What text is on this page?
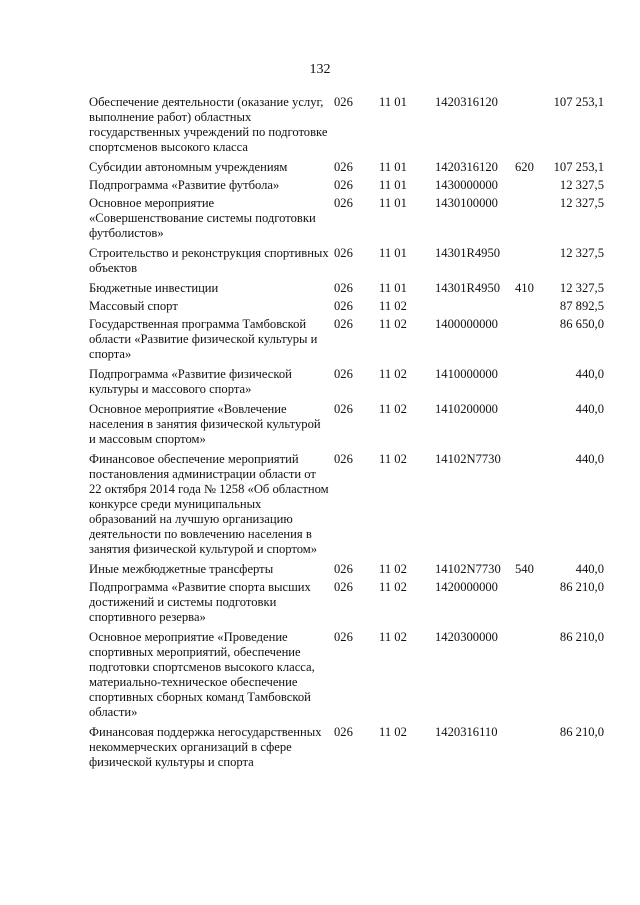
132
Обеспечение деятельности (оказание услуг, выполнение работ) областных государственных учреждений по подготовке спортсменов высокого класса	026	11 01	1420316120		107 253,1
Субсидии автономным учреждениям	026	11 01	1420316120	620	107 253,1
Подпрограмма «Развитие футбола»	026	11 01	1430000000		12 327,5
Основное мероприятие «Совершенствование системы подготовки футболистов»	026	11 01	1430100000		12 327,5
Строительство и реконструкция спортивных объектов	026	11 01	14301R4950		12 327,5
Бюджетные инвестиции	026	11 01	14301R4950	410	12 327,5
Массовый спорт	026	11 02			87 892,5
Государственная программа Тамбовской области «Развитие физической культуры и спорта»	026	11 02	1400000000		86 650,0
Подпрограмма «Развитие физической культуры и массового спорта»	026	11 02	1410000000		440,0
Основное мероприятие «Вовлечение населения в занятия физической культурой и массовым спортом»	026	11 02	1410200000		440,0
Финансовое обеспечение мероприятий постановления администрации области от 22 октября 2014 года № 1258 «Об областном конкурсе среди муниципальных образований на лучшую организацию деятельности по вовлечению населения в занятия физической культурой и спортом»	026	11 02	14102N7730		440,0
Иные межбюджетные трансферты	026	11 02	14102N7730	540	440,0
Подпрограмма «Развитие спорта высших достижений и системы подготовки спортивного резерва»	026	11 02	1420000000		86 210,0
Основное мероприятие «Проведение спортивных мероприятий, обеспечение подготовки спортсменов высокого класса, материально-техническое обеспечение спортивных сборных команд Тамбовской области»	026	11 02	1420300000		86 210,0
Финансовая поддержка негосударственных некоммерческих организаций в сфере физической культуры и спорта	026	11 02	1420316110		86 210,0
